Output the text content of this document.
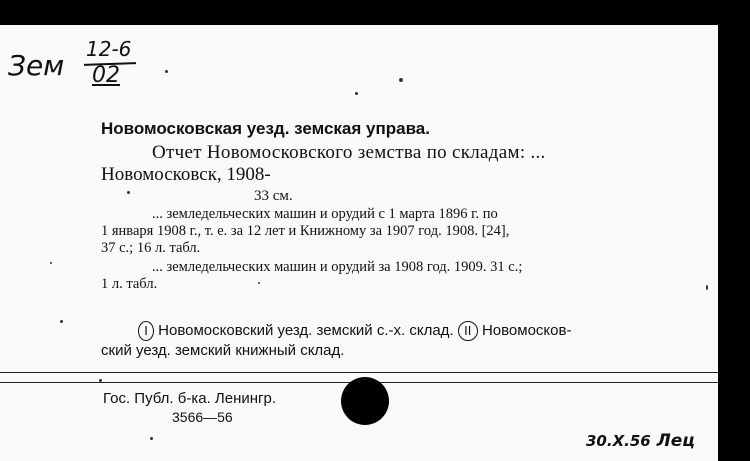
Зем 12-6
02
Новомосковская уезд. земская управа.
Отчет Новомосковского земства по складам: ...
Новомосковск, 1908-
33 см.
... земледельческих машин и орудий с 1 марта 1896 г. по
1 января 1908 г., т. е. за 12 лет и Книжному за 1907 год. 1908. [24],
37 с.; 16 л. табл.
... земледельческих машин и орудий за 1908 год. 1909. 31 с.;
1 л. табл.
I Новомосковский уезд. земский с.-х. склад. II Новомосков-
ский уезд. земский книжный склад.
Гос. Публ. б-ка. Ленингр.
3566—56
30.X.56 Лец
